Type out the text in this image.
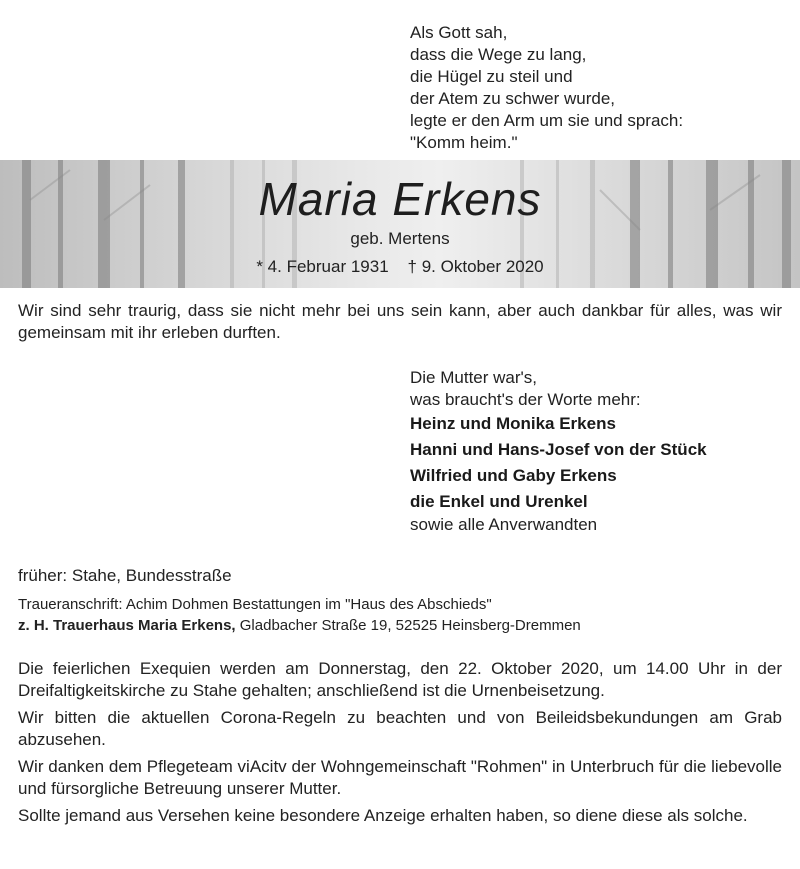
Als Gott sah,
dass die Wege zu lang,
die Hügel zu steil und
der Atem zu schwer wurde,
legte er den Arm um sie und sprach:
"Komm heim."
Maria Erkens
geb. Mertens
* 4. Februar 1931    † 9. Oktober 2020
Wir sind sehr traurig, dass sie nicht mehr bei uns sein kann, aber auch dankbar für alles, was wir gemeinsam mit ihr erleben durften.
Die Mutter war's,
was braucht's der Worte mehr:
Heinz und Monika Erkens
Hanni und Hans-Josef von der Stück
Wilfried und Gaby Erkens
die Enkel und Urenkel
sowie alle Anverwandten
früher: Stahe, Bundesstraße
Traueranschrift: Achim Dohmen Bestattungen im "Haus des Abschieds"
z. H. Trauerhaus Maria Erkens, Gladbacher Straße 19, 52525 Heinsberg-Dremmen
Die feierlichen Exequien werden am Donnerstag, den 22. Oktober 2020, um 14.00 Uhr in der Dreifaltigkeitskirche zu Stahe gehalten; anschließend ist die Urnenbeisetzung.
Wir bitten die aktuellen Corona-Regeln zu beachten und von Beileidsbekundungen am Grab abzusehen.
Wir danken dem Pflegeteam viAcitv der Wohngemeinschaft "Rohmen" in Unterbruch für die liebevolle und fürsorgliche Betreuung unserer Mutter.
Sollte jemand aus Versehen keine besondere Anzeige erhalten haben, so diene diese als solche.
